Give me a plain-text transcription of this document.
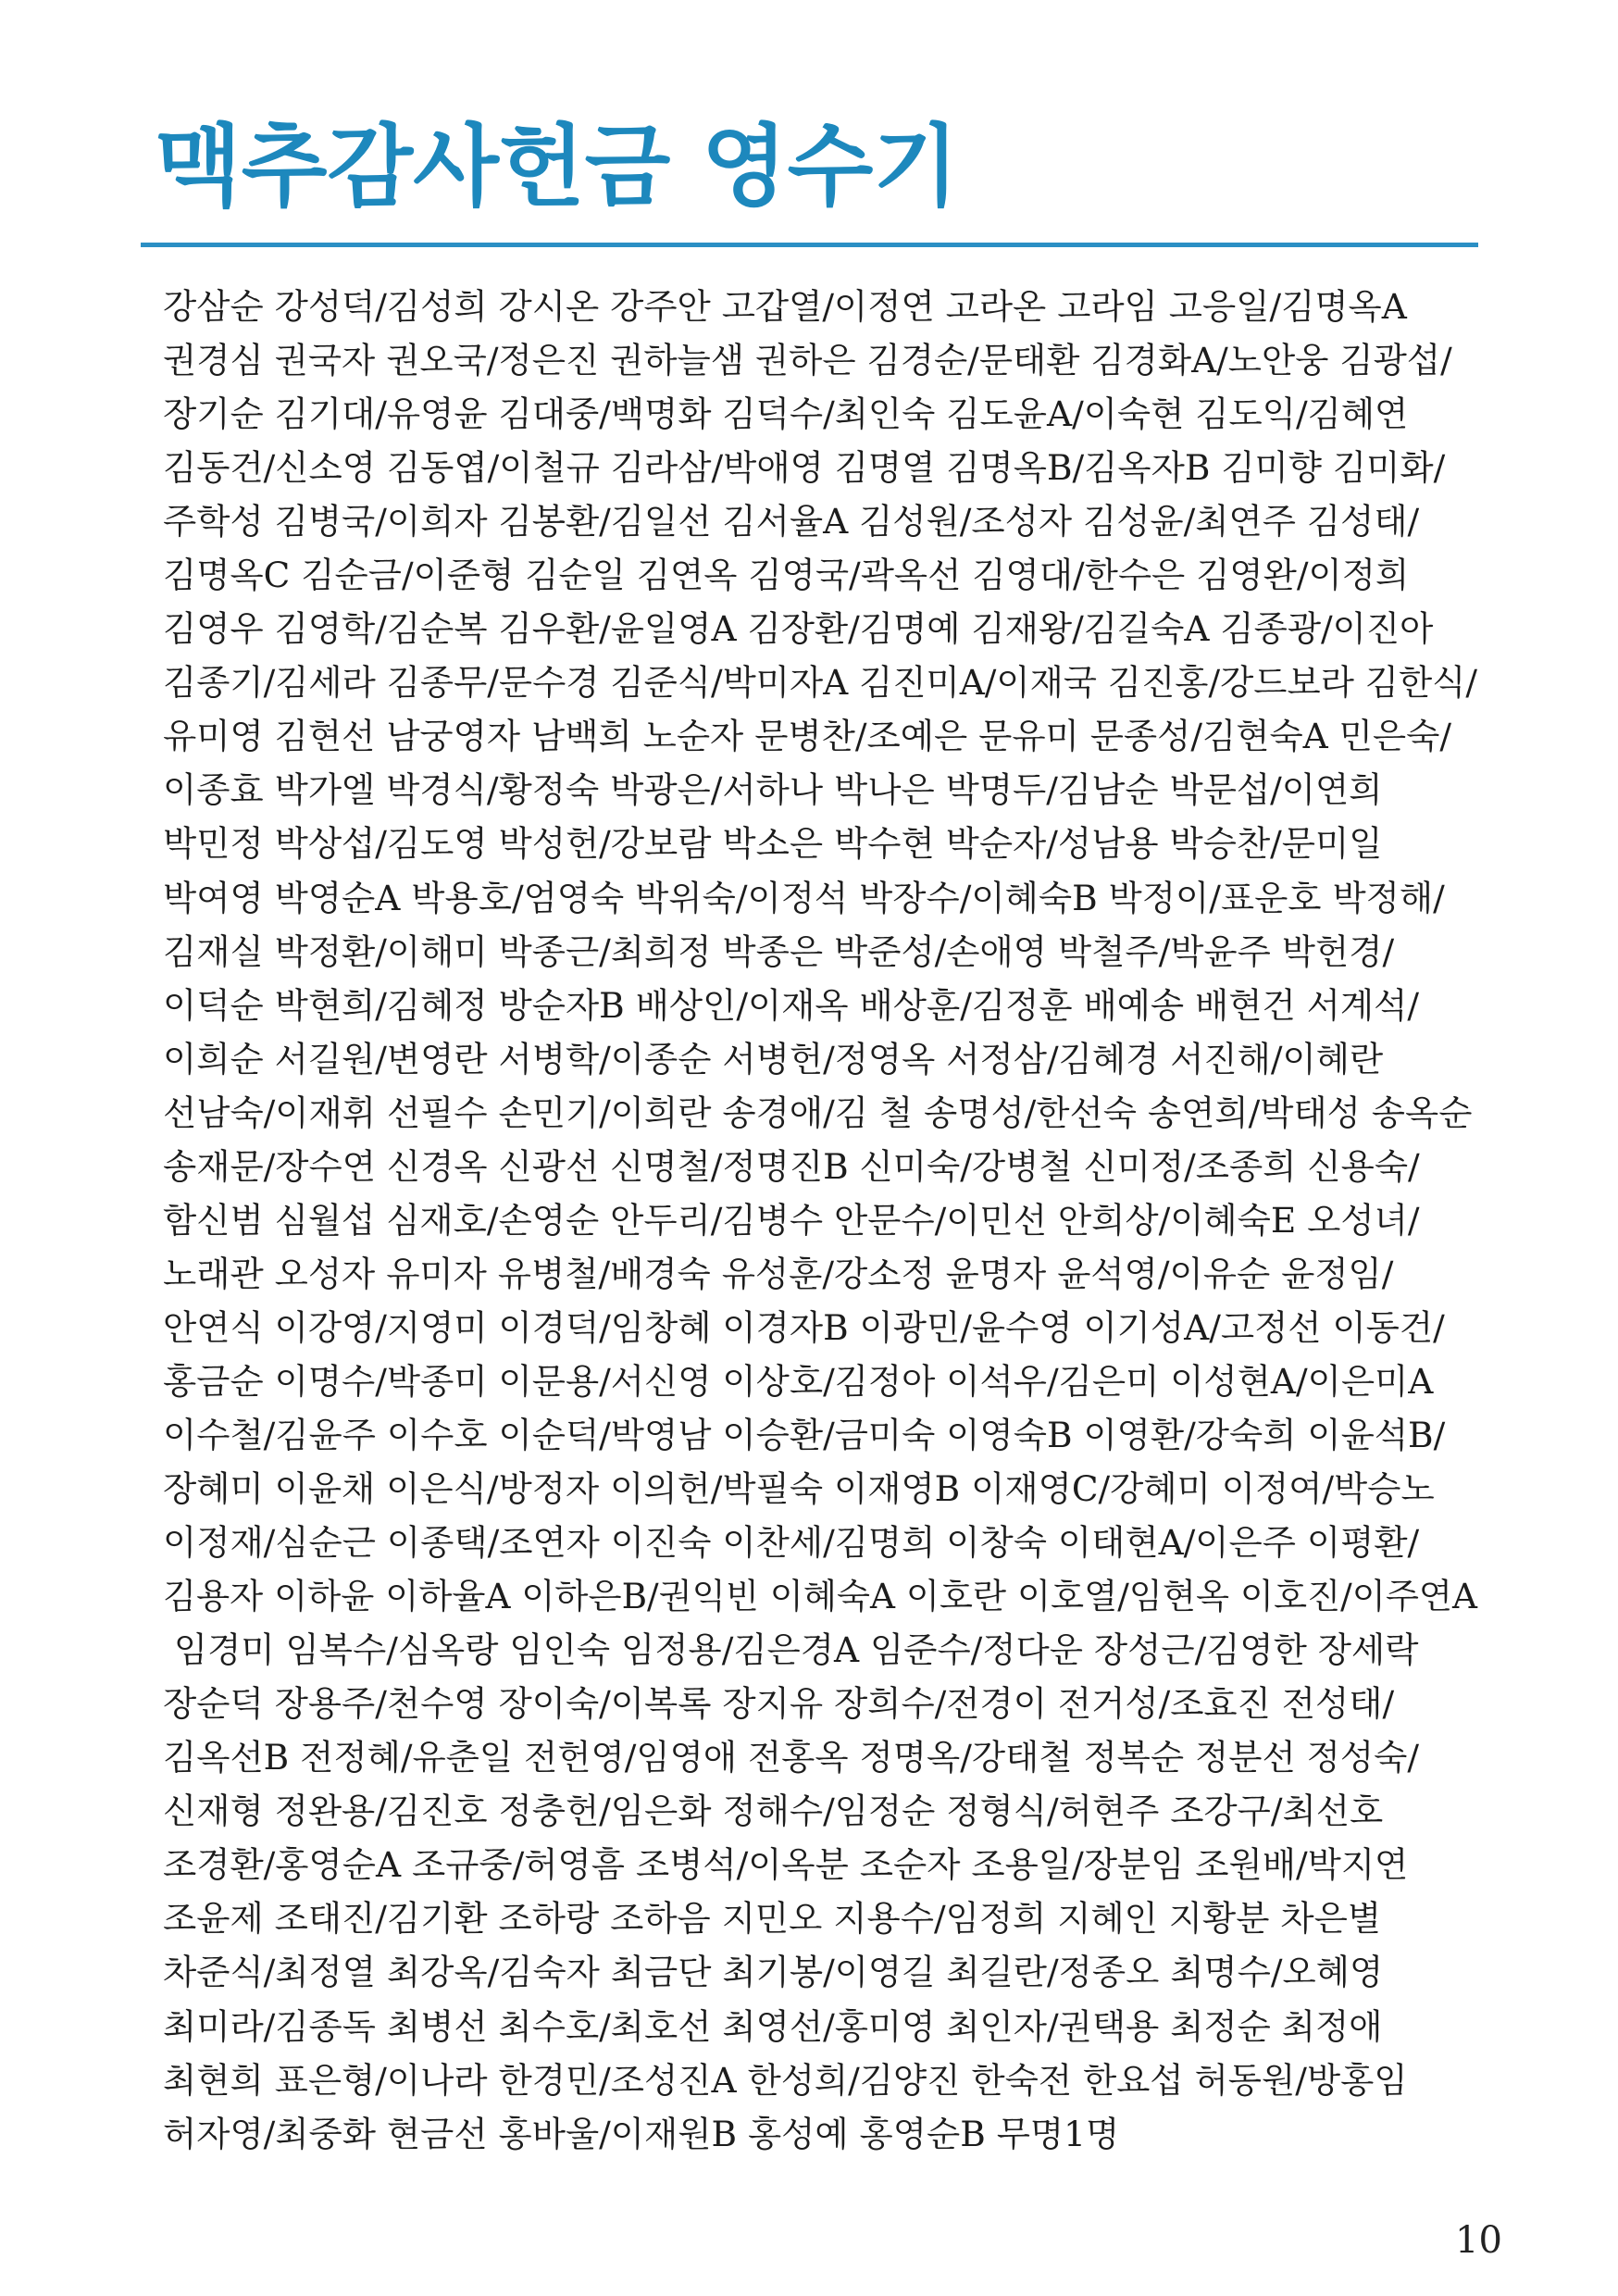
맥추감사헌금 영수기
강삼순 강성덕/김성희 강시온 강주안 고갑열/이정연 고라온 고라임 고응일/김명옥A
권경심 권국자 권오국/정은진 권하늘샘 권하은 김경순/문태환 김경화A/노안웅 김광섭/
장기순 김기대/유영윤 김대중/백명화 김덕수/최인숙 김도윤A/이숙현 김도익/김혜연
김동건/신소영 김동엽/이철규 김라삼/박애영 김명열 김명옥B/김옥자B 김미향 김미화/
주학성 김병국/이희자 김봉환/김일선 김서율A 김성원/조성자 김성윤/최연주 김성태/
김명옥C 김순금/이준형 김순일 김연옥 김영국/곽옥선 김영대/한수은 김영완/이정희
김영우 김영학/김순복 김우환/윤일영A 김장환/김명예 김재왕/김길숙A 김종광/이진아
김종기/김세라 김종무/문수경 김준식/박미자A 김진미A/이재국 김진홍/강드보라 김한식/
유미영 김현선 남궁영자 남백희 노순자 문병찬/조예은 문유미 문종성/김현숙A 민은숙/
이종효 박가엘 박경식/황정숙 박광은/서하나 박나은 박명두/김남순 박문섭/이연희
박민정 박상섭/김도영 박성헌/강보람 박소은 박수현 박순자/성남용 박승찬/문미일
박여영 박영순A 박용호/엄영숙 박위숙/이정석 박장수/이혜숙B 박정이/표운호 박정해/
김재실 박정환/이해미 박종근/최희정 박종은 박준성/손애영 박철주/박윤주 박헌경/
이덕순 박현희/김혜정 방순자B 배상인/이재옥 배상훈/김정훈 배예송 배현건 서계석/
이희순 서길원/변영란 서병학/이종순 서병헌/정영옥 서정삼/김혜경 서진해/이혜란
선남숙/이재휘 선필수 손민기/이희란 송경애/김 철 송명성/한선숙 송연희/박태성 송옥순
송재문/장수연 신경옥 신광선 신명철/정명진B 신미숙/강병철 신미정/조종희 신용숙/
함신범 심월섭 심재호/손영순 안두리/김병수 안문수/이민선 안희상/이혜숙E 오성녀/
노래관 오성자 유미자 유병철/배경숙 유성훈/강소정 윤명자 윤석영/이유순 윤정임/
안연식 이강영/지영미 이경덕/임창혜 이경자B 이광민/윤수영 이기성A/고정선 이동건/
홍금순 이명수/박종미 이문용/서신영 이상호/김정아 이석우/김은미 이성현A/이은미A
이수철/김윤주 이수호 이순덕/박영남 이승환/금미숙 이영숙B 이영환/강숙희 이윤석B/
장혜미 이윤채 이은식/방정자 이의헌/박필숙 이재영B 이재영C/강혜미 이정여/박승노
이정재/심순근 이종택/조연자 이진숙 이찬세/김명희 이창숙 이태현A/이은주 이평환/
김용자 이하윤 이하율A 이하은B/권익빈 이혜숙A 이호란 이호열/임현옥 이호진/이주연A
임경미 임복수/심옥랑 임인숙 임정용/김은경A 임준수/정다운 장성근/김영한 장세락
장순덕 장용주/천수영 장이숙/이복록 장지유 장희수/전경이 전거성/조효진 전성태/
김옥선B 전정혜/유춘일 전헌영/임영애 전홍옥 정명옥/강태철 정복순 정분선 정성숙/
신재형 정완용/김진호 정충헌/임은화 정해수/임정순 정형식/허현주 조강구/최선호
조경환/홍영순A 조규중/허영흠 조병석/이옥분 조순자 조용일/장분임 조원배/박지연
조윤제 조태진/김기환 조하랑 조하음 지민오 지용수/임정희 지혜인 지황분 차은별
차준식/최정열 최강옥/김숙자 최금단 최기봉/이영길 최길란/정종오 최명수/오혜영
최미라/김종독 최병선 최수호/최호선 최영선/홍미영 최인자/권택용 최정순 최정애
최현희 표은형/이나라 한경민/조성진A 한성희/김양진 한숙전 한요섭 허동원/방홍임
허자영/최중화 현금선 홍바울/이재원B 홍성예 홍영순B 무명1명
10
